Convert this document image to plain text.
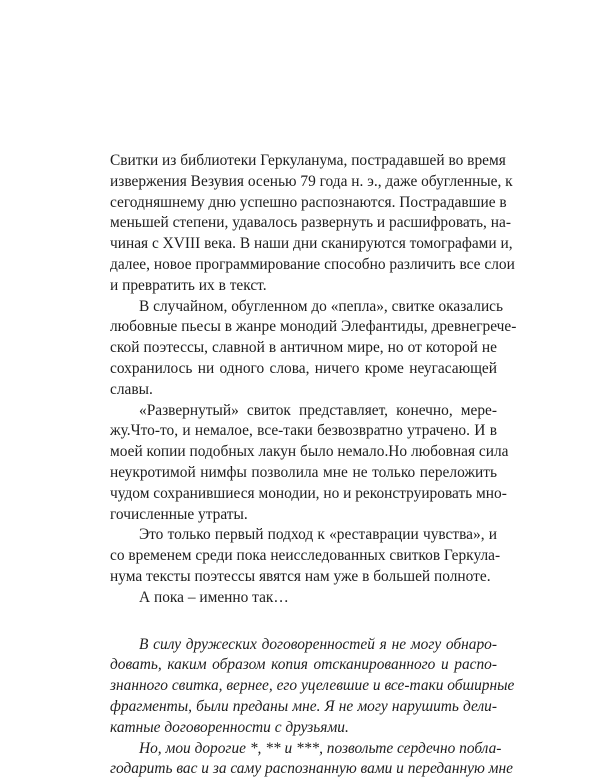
Свитки из библиотеки Геркуланума, пострадавшей во время
извержения Везувия осенью 79 года н. э., даже обугленные, к
сегодняшнему дню успешно распознаются. Пострадавшие в
меньшей степени, удавалось развернуть и расшифровать, на-
чиная с XVIII века. В наши дни сканируются томографами и,
далее, новое программирование способно различить все слои
и превратить их в текст.
В случайном, обугленном до «пепла», свитке оказались
любовные пьесы в жанре монодий Элефантиды, древнегрече-
ской поэтессы, славной в античном мире, но от которой не
сохранилось ни одного слова, ничего кроме неугасающей
славы.
«Развернутый» свиток представляет, конечно, мере-
жу.Что-то, и немалое, все-таки безвозвратно утрачено. И в
моей копии подобных лакун было немало.Но любовная сила
неукротимой нимфы позволила мне не только переложить
чудом сохранившиеся монодии, но и реконструировать мно-
гочисленные утраты.
Это только первый подход к «реставрации чувства», и
со временем среди пока неисследованных свитков Геркула-
нума тексты поэтессы явятся нам уже в большей полноте.
А пока – именно так…
В силу дружеских договоренностей я не могу обнаро-
довать, каким образом копия отсканированного и распо-
знанного свитка, вернее, его уцелевшие и все-таки обширные
фрагменты, были преданы мне. Я не могу нарушить дели-
катные договоренности с друзьями.
Но, мои дорогие *, ** и ***, позвольте сердечно побла-
годарить вас и за саму распознанную вами и переданную мне
